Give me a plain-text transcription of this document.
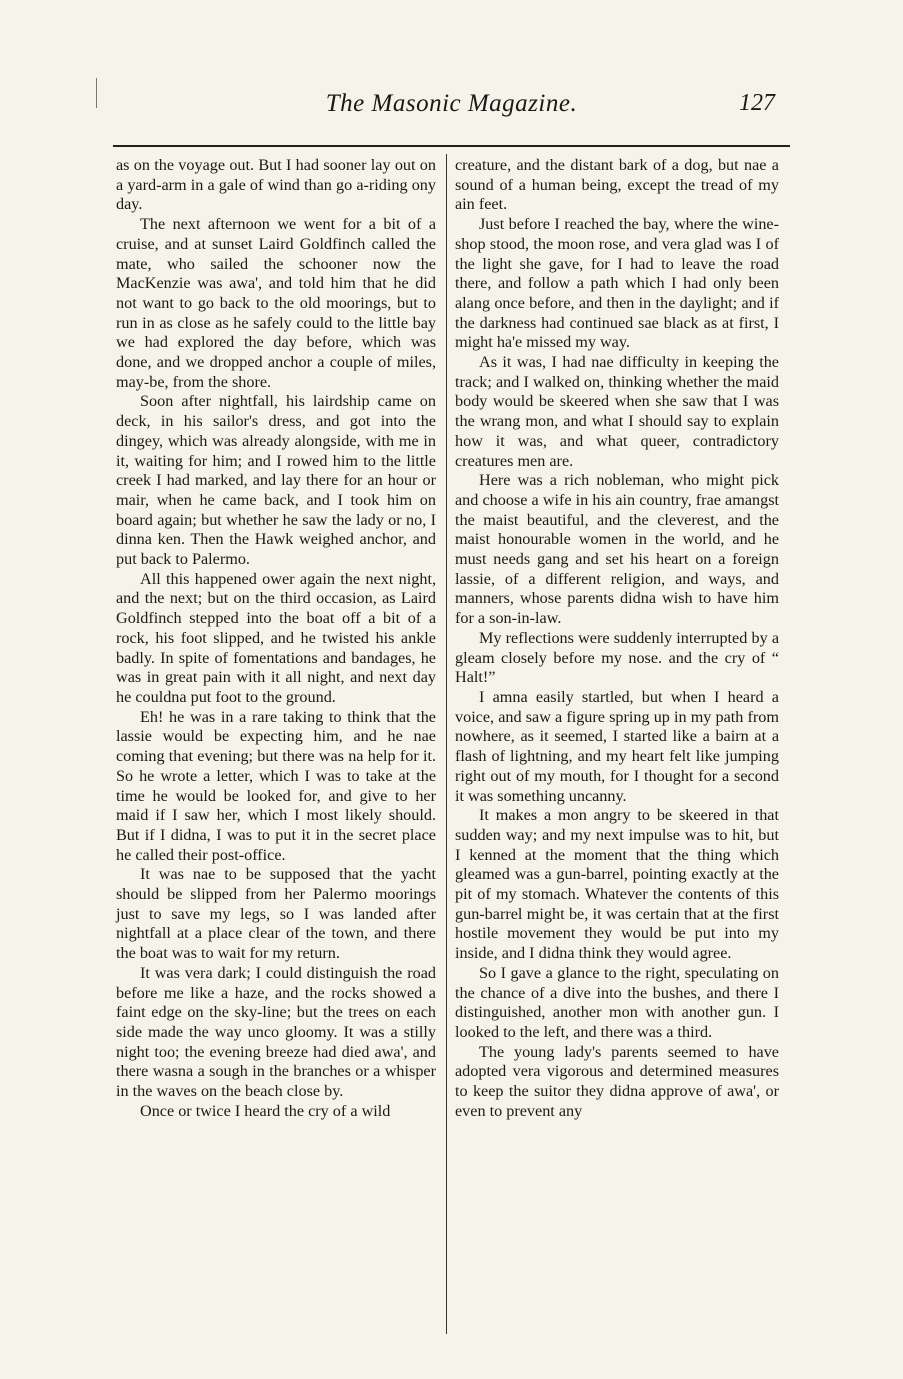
The Masonic Magazine.	127

as on the voyage out. But I had sooner lay out on a yard-arm in a gale of wind than go a-riding ony day.

The next afternoon we went for a bit of a cruise, and at sunset Laird Goldfinch called the mate, who sailed the schooner now the MacKenzie was awa', and told him that he did not want to go back to the old moorings, but to run in as close as he safely could to the little bay we had explored the day before, which was done, and we dropped anchor a couple of miles, may-be, from the shore.

Soon after nightfall, his lairdship came on deck, in his sailor's dress, and got into the dingey, which was already alongside, with me in it, waiting for him; and I rowed him to the little creek I had marked, and lay there for an hour or mair, when he came back, and I took him on board again; but whether he saw the lady or no, I dinna ken. Then the Hawk weighed anchor, and put back to Palermo.

All this happened ower again the next night, and the next; but on the third occasion, as Laird Goldfinch stepped into the boat off a bit of a rock, his foot slipped, and he twisted his ankle badly. In spite of fomentations and bandages, he was in great pain with it all night, and next day he couldna put foot to the ground.

Eh! he was in a rare taking to think that the lassie would be expecting him, and he nae coming that evening; but there was na help for it. So he wrote a letter, which I was to take at the time he would be looked for, and give to her maid if I saw her, which I most likely should. But if I didna, I was to put it in the secret place he called their post-office.

It was nae to be supposed that the yacht should be slipped from her Palermo moorings just to save my legs, so I was landed after nightfall at a place clear of the town, and there the boat was to wait for my return.

It was vera dark; I could distinguish the road before me like a haze, and the rocks showed a faint edge on the sky-line; but the trees on each side made the way unco gloomy. It was a stilly night too; the evening breeze had died awa', and there wasna a sough in the branches or a whisper in the waves on the beach close by.

Once or twice I heard the cry of a wild

creature, and the distant bark of a dog, but nae a sound of a human being, except the tread of my ain feet.

Just before I reached the bay, where the wine-shop stood, the moon rose, and vera glad was I of the light she gave, for I had to leave the road there, and follow a path which I had only been alang once before, and then in the daylight; and if the darkness had continued sae black as at first, I might ha'e missed my way.

As it was, I had nae difficulty in keeping the track; and I walked on, thinking whether the maid body would be skeered when she saw that I was the wrang mon, and what I should say to explain how it was, and what queer, contradictory creatures men are.

Here was a rich nobleman, who might pick and choose a wife in his ain country, frae amangst the maist beautiful, and the cleverest, and the maist honourable women in the world, and he must needs gang and set his heart on a foreign lassie, of a different religion, and ways, and manners, whose parents didna wish to have him for a son-in-law.

My reflections were suddenly interrupted by a gleam closely before my nose. and the cry of “ Halt!”

I amna easily startled, but when I heard a voice, and saw a figure spring up in my path from nowhere, as it seemed, I started like a bairn at a flash of lightning, and my heart felt like jumping right out of my mouth, for I thought for a second it was something uncanny.

It makes a mon angry to be skeered in that sudden way; and my next impulse was to hit, but I kenned at the moment that the thing which gleamed was a gun-barrel, pointing exactly at the pit of my stomach. Whatever the contents of this gun-barrel might be, it was certain that at the first hostile movement they would be put into my inside, and I didna think they would agree.

So I gave a glance to the right, speculating on the chance of a dive into the bushes, and there I distinguished, another mon with another gun. I looked to the left, and there was a third.

The young lady's parents seemed to have adopted vera vigorous and determined measures to keep the suitor they didna approve of awa', or even to prevent any
